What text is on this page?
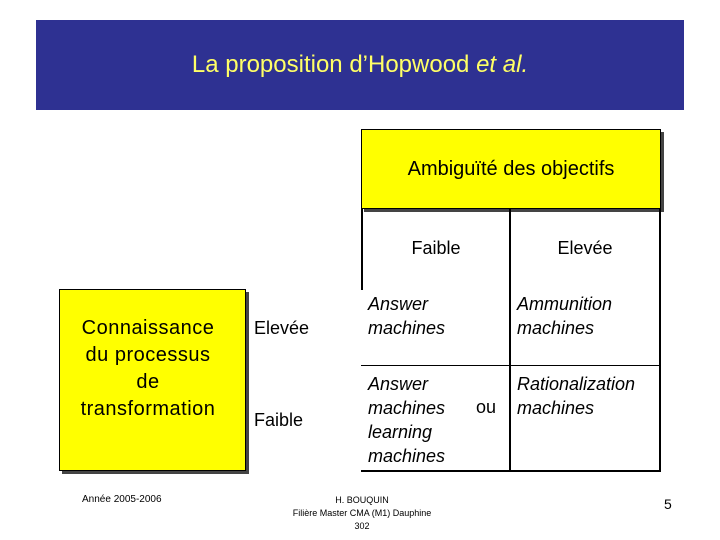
La proposition d’Hopwood et al.
Ambiguïté des objectifs
Faible	Elevée
Answer
machines
Ammunition
machines
Answer
machines
learning
machines
ou
Rationalization
machines
Connaissance
du processus
de
transformation
Elevée
Faible
Année 2005-2006	H. BOUQUIN
Filière Master CMA (M1) Dauphine
302
5
